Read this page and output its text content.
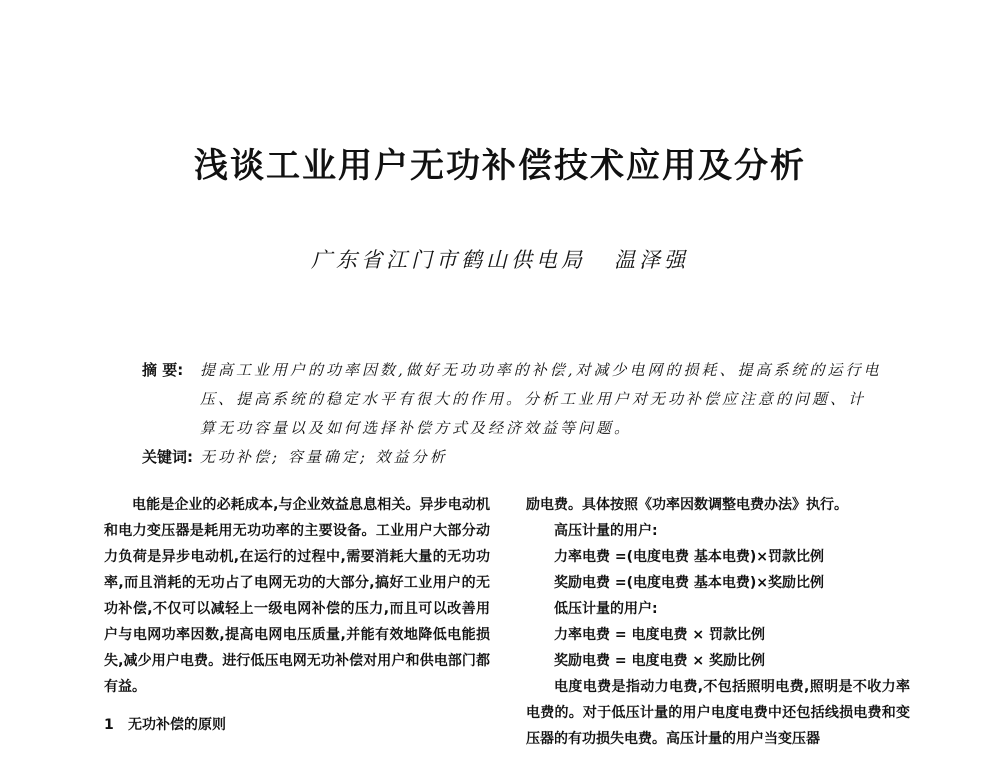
浅谈工业用户无功补偿技术应用及分析
广东省江门市鹤山供电局 温泽强
摘 要: 提高工业用户的功率因数,做好无功功率的补偿,对减少电网的损耗、提高系统的运行电压、提高系统的稳定水平有很大的作用。分析工业用户对无功补偿应注意的问题、计算无功容量以及如何选择补偿方式及经济效益等问题。
关键词: 无功补偿; 容量确定; 效益分析

电能是企业的必耗成本,与企业效益息息相关。异步电动机和电力变压器是耗用无功功率的主要设备。工业用户大部分动力负荷是异步电动机,在运行的过程中,需要消耗大量的无功功率,而且消耗的无功占了电网无功的大部分,搞好工业用户的无功补偿,不仅可以减轻上一级电网补偿的压力,而且可以改善用户与电网功率因数,提高电网电压质量,并能有效地降低电能损失,减少用户电费。进行低压电网无功补偿对用户和供电部门都有益。

1 无功补偿的原则

励电费。具体按照《功率因数调整电费办法》执行。

高压计量的用户:

力率电费 =(电度电费 基本电费)×罚款比例

奖励电费 =(电度电费 基本电费)×奖励比例

低压计量的用户:

力率电费 = 电度电费 × 罚款比例

奖励电费 = 电度电费 × 奖励比例

电度电费是指动力电费,不包括照明电费,照明是不收力率电费的。对于低压计量的用户电度电费中还包括线损电费和变压器的有功损失电费。高压计量的用户当变压器
